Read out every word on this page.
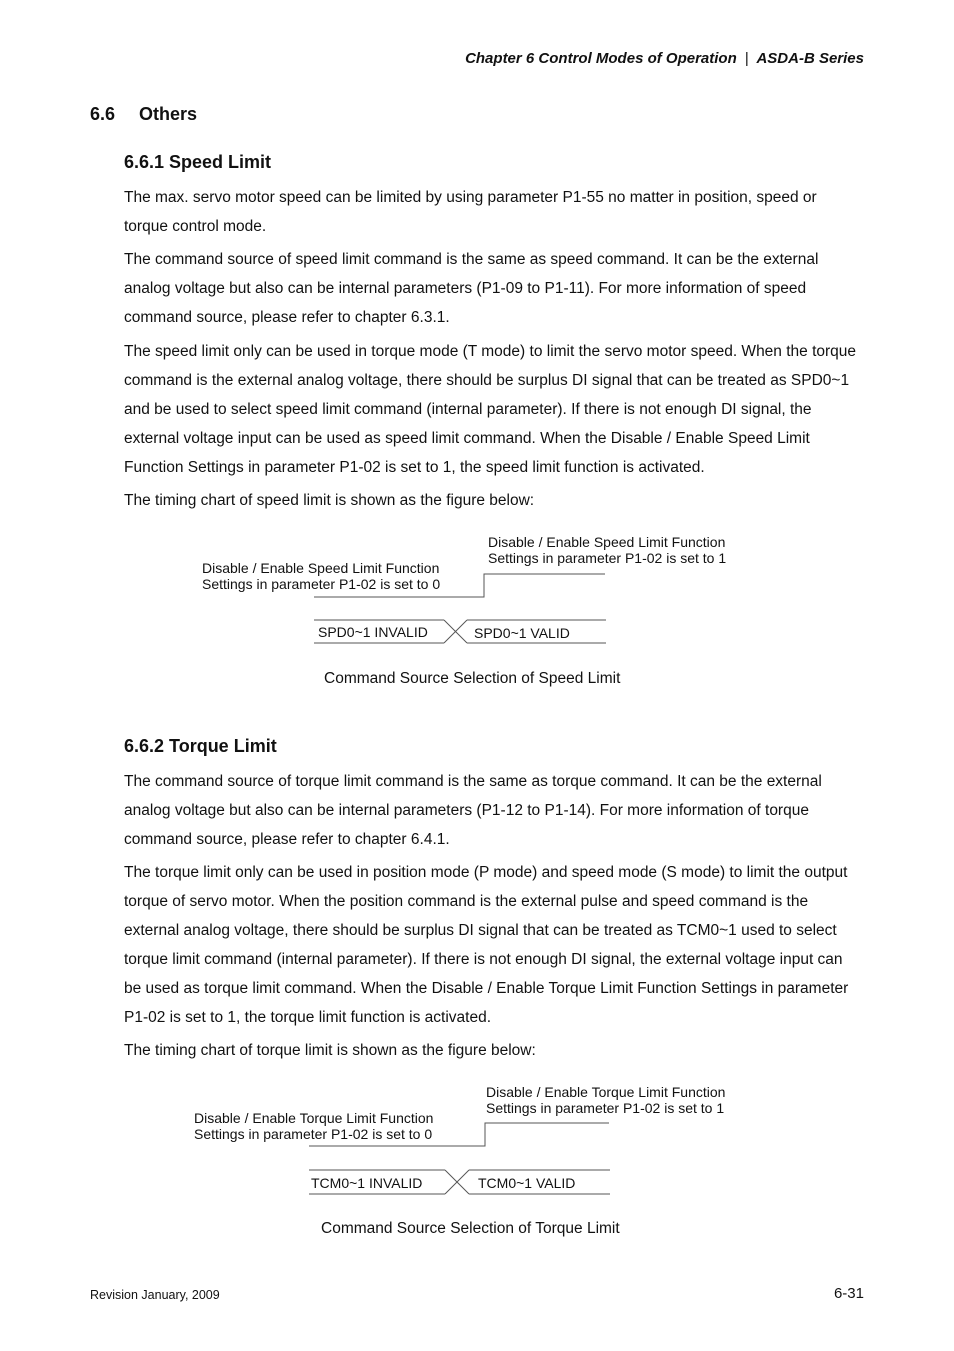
Chapter 6 Control Modes of Operation | ASDA-B Series
6.6 Others
6.6.1 Speed Limit

The max. servo motor speed can be limited by using parameter P1-55 no matter in position, speed or torque control mode.

The command source of speed limit command is the same as speed command. It can be the external analog voltage but also can be internal parameters (P1-09 to P1-11). For more information of speed command source, please refer to chapter 6.3.1.

The speed limit only can be used in torque mode (T mode) to limit the servo motor speed. When the torque command is the external analog voltage, there should be surplus DI signal that can be treated as SPD0~1 and be used to select speed limit command (internal parameter). If there is not enough DI signal, the external voltage input can be used as speed limit command. When the Disable / Enable Speed Limit Function Settings in parameter P1-02 is set to 1, the speed limit function is activated.

The timing chart of speed limit is shown as the figure below:

Disable / Enable Speed Limit Function
Settings in parameter P1-02 is set to 1
Disable / Enable Speed Limit Function
Settings in parameter P1-02 is set to 0
SPD0~1 INVALID	SPD0~1 VALID
Command Source Selection of Speed Limit
6.6.2 Torque Limit

The command source of torque limit command is the same as torque command. It can be the external analog voltage but also can be internal parameters (P1-12 to P1-14). For more information of torque command source, please refer to chapter 6.4.1.

The torque limit only can be used in position mode (P mode) and speed mode (S mode) to limit the output torque of servo motor. When the position command is the external pulse and speed command is the external analog voltage, there should be surplus DI signal that can be treated as TCM0~1 used to select torque limit command (internal parameter). If there is not enough DI signal, the external voltage input can be used as torque limit command. When the Disable / Enable Torque Limit Function Settings in parameter P1-02 is set to 1, the torque limit function is activated.

The timing chart of torque limit is shown as the figure below:

Disable / Enable Torque Limit Function
Settings in parameter P1-02 is set to 1
Disable / Enable Torque Limit Function
Settings in parameter P1-02 is set to 0
TCM0~1 INVALID	TCM0~1 VALID
Command Source Selection of Torque Limit
Revision January, 2009	6-31
